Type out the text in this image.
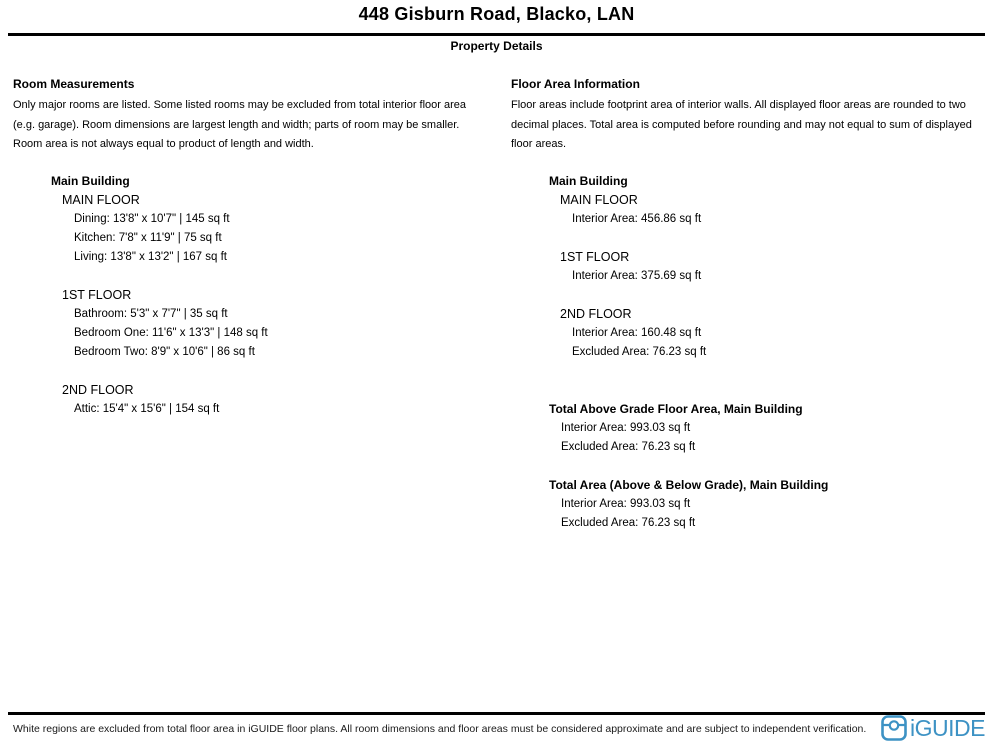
448 Gisburn Road, Blacko, LAN
Property Details
Room Measurements

Only major rooms are listed. Some listed rooms may be excluded from total interior floor area (e.g. garage). Room dimensions are largest length and width; parts of room may be smaller. Room area is not always equal to product of length and width.

Main Building
MAIN FLOOR
Dining: 13'8" x 10'7" | 145 sq ft
Kitchen: 7'8" x 11'9" | 75 sq ft
Living: 13'8" x 13'2" | 167 sq ft
1ST FLOOR
Bathroom: 5'3" x 7'7" | 35 sq ft
Bedroom One: 11'6" x 13'3" | 148 sq ft
Bedroom Two: 8'9" x 10'6" | 86 sq ft
2ND FLOOR
Attic: 15'4" x 15'6" | 154 sq ft
Floor Area Information

Floor areas include footprint area of interior walls. All displayed floor areas are rounded to two decimal places. Total area is computed before rounding and may not equal to sum of displayed floor areas.

Main Building
MAIN FLOOR
Interior Area: 456.86 sq ft
1ST FLOOR
Interior Area: 375.69 sq ft
2ND FLOOR
Interior Area: 160.48 sq ft
Excluded Area: 76.23 sq ft
Total Above Grade Floor Area, Main Building
Interior Area: 993.03 sq ft
Excluded Area: 76.23 sq ft
Total Area (Above & Below Grade), Main Building
Interior Area: 993.03 sq ft
Excluded Area: 76.23 sq ft
White regions are excluded from total floor area in iGUIDE floor plans. All room dimensions and floor areas must be considered approximate and are subject to independent verification. iGUIDE
